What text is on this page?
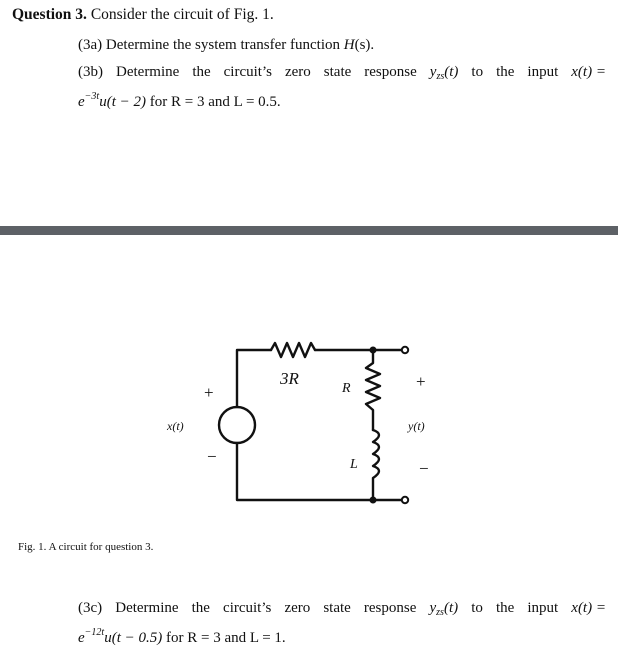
Question 3. Consider the circuit of Fig. 1.
(3a) Determine the system transfer function H(s).
(3b) Determine the circuit’s zero state response $y_{zs}(t)$ to the input x(t) =
$e^{-3t}u(t - 2)$ for R = 3 and L = 0.5.
3R
R
L
x(t)	y(t)
+
−
+
−
Fig. 1. A circuit for question 3.
(3c) Determine the circuit’s zero state response $y_{zs}(t)$ to the input x(t) =
$e^{-12t}u(t - 0.5)$ for R = 3 and L = 1.
